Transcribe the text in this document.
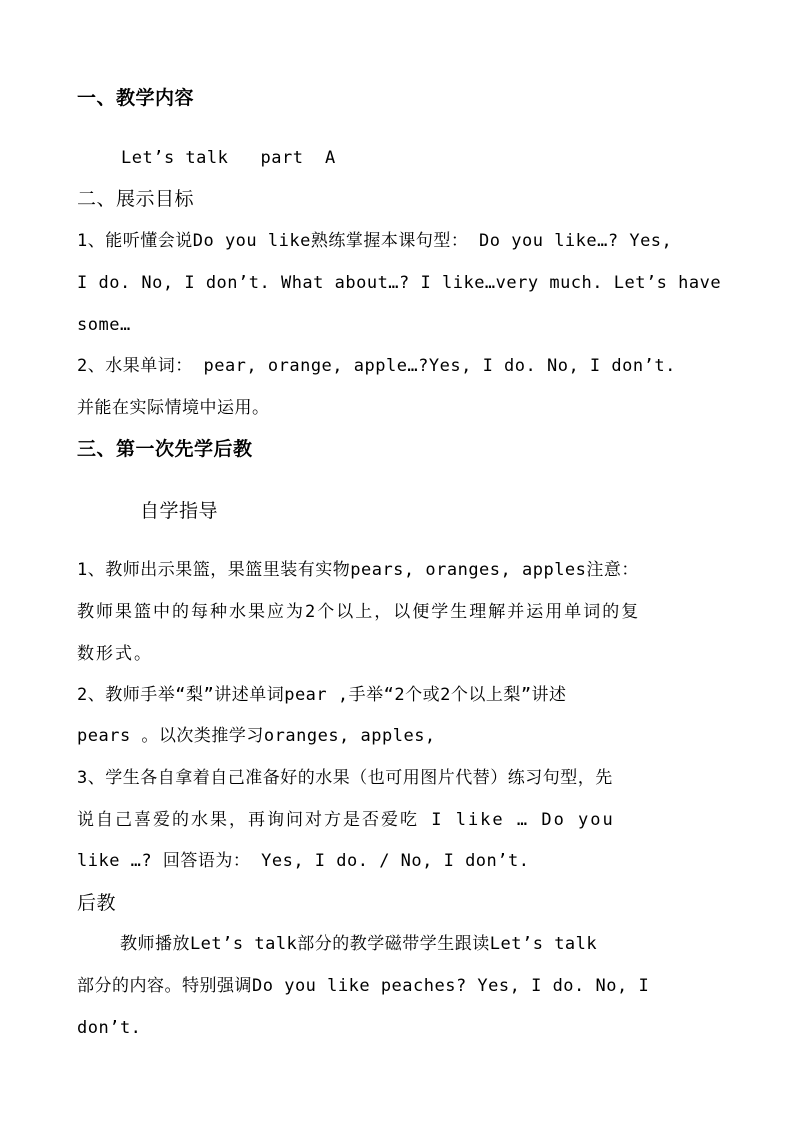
一、教学内容
Let’s talk   part  A
二、展示目标
1、能听懂会说Do you like熟练掌握本课句型： Do you like…? Yes,
I do. No, I don’t. What about…? I like…very much. Let’s have
some…
2、水果单词： pear, orange, apple…?Yes, I do. No, I don’t.
并能在实际情境中运用。
三、第一次先学后教
自学指导
1、教师出示果篮，果篮里装有实物pears, oranges, apples注意：
教师果篮中的每种水果应为2个以上，以便学生理解并运用单词的复
数形式。
2、教师手举“梨”讲述单词pear ,手举“2个或2个以上梨”讲述
pears 。以次类推学习oranges, apples,
3、学生各自拿着自己准备好的水果（也可用图片代替）练习句型，先
说自己喜爱的水果，再询问对方是否爱吃 I like … Do you
like …? 回答语为： Yes, I do. / No, I don’t.
后教
教师播放Let’s talk部分的教学磁带学生跟读Let’s talk
部分的内容。特别强调Do you like peaches? Yes, I do. No, I
don’t.
